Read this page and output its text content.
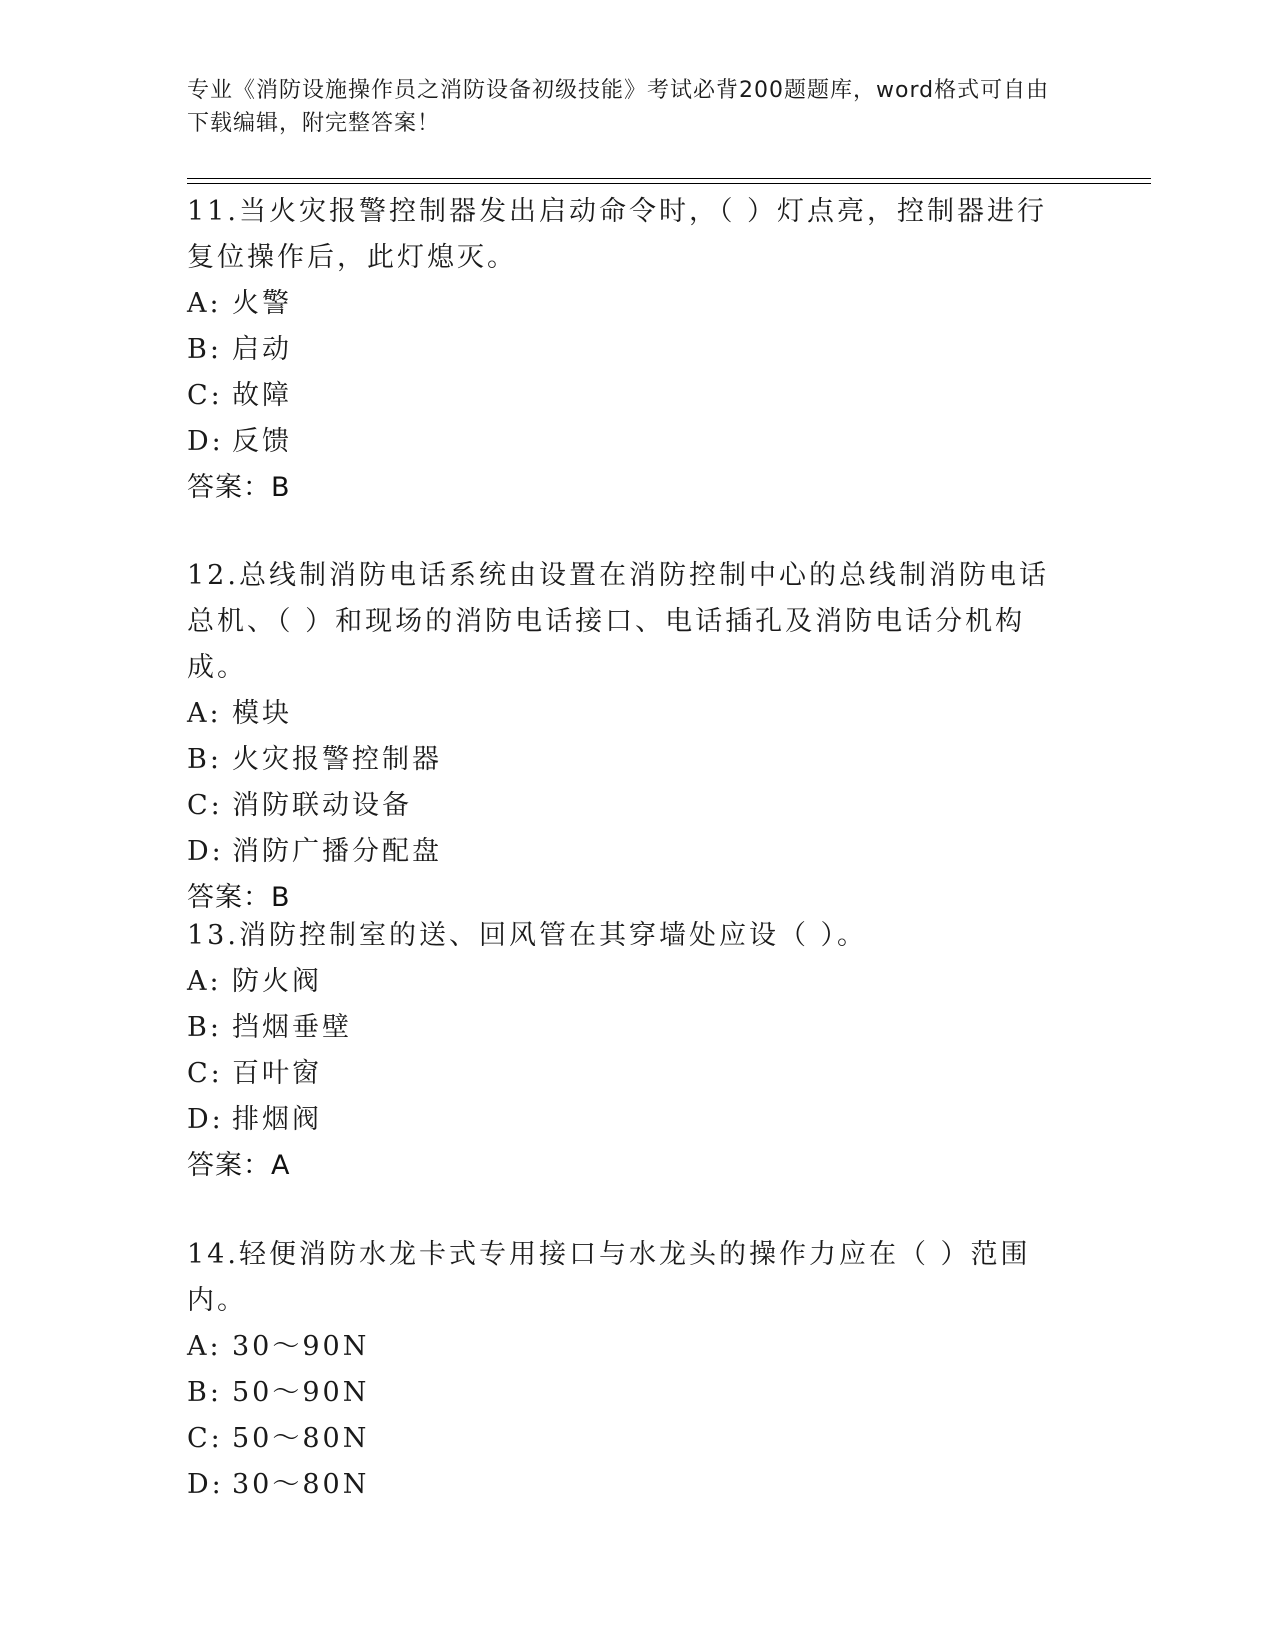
专业《消防设施操作员之消防设备初级技能》考试必背200题题库，word格式可自由下载编辑，附完整答案！
11.当火灾报警控制器发出启动命令时，（ ）灯点亮，控制器进行复位操作后，此灯熄灭。
A: 火警
B: 启动
C: 故障
D: 反馈
答案：B
12.总线制消防电话系统由设置在消防控制中心的总线制消防电话总机、（ ）和现场的消防电话接口、电话插孔及消防电话分机构成。
A: 模块
B: 火灾报警控制器
C: 消防联动设备
D: 消防广播分配盘
答案：B
13.消防控制室的送、回风管在其穿墙处应设（ ）。
A: 防火阀
B: 挡烟垂壁
C: 百叶窗
D: 排烟阀
答案：A
14.轻便消防水龙卡式专用接口与水龙头的操作力应在（ ）范围内。
A: 30～90N
B: 50～90N
C: 50～80N
D: 30～80N
